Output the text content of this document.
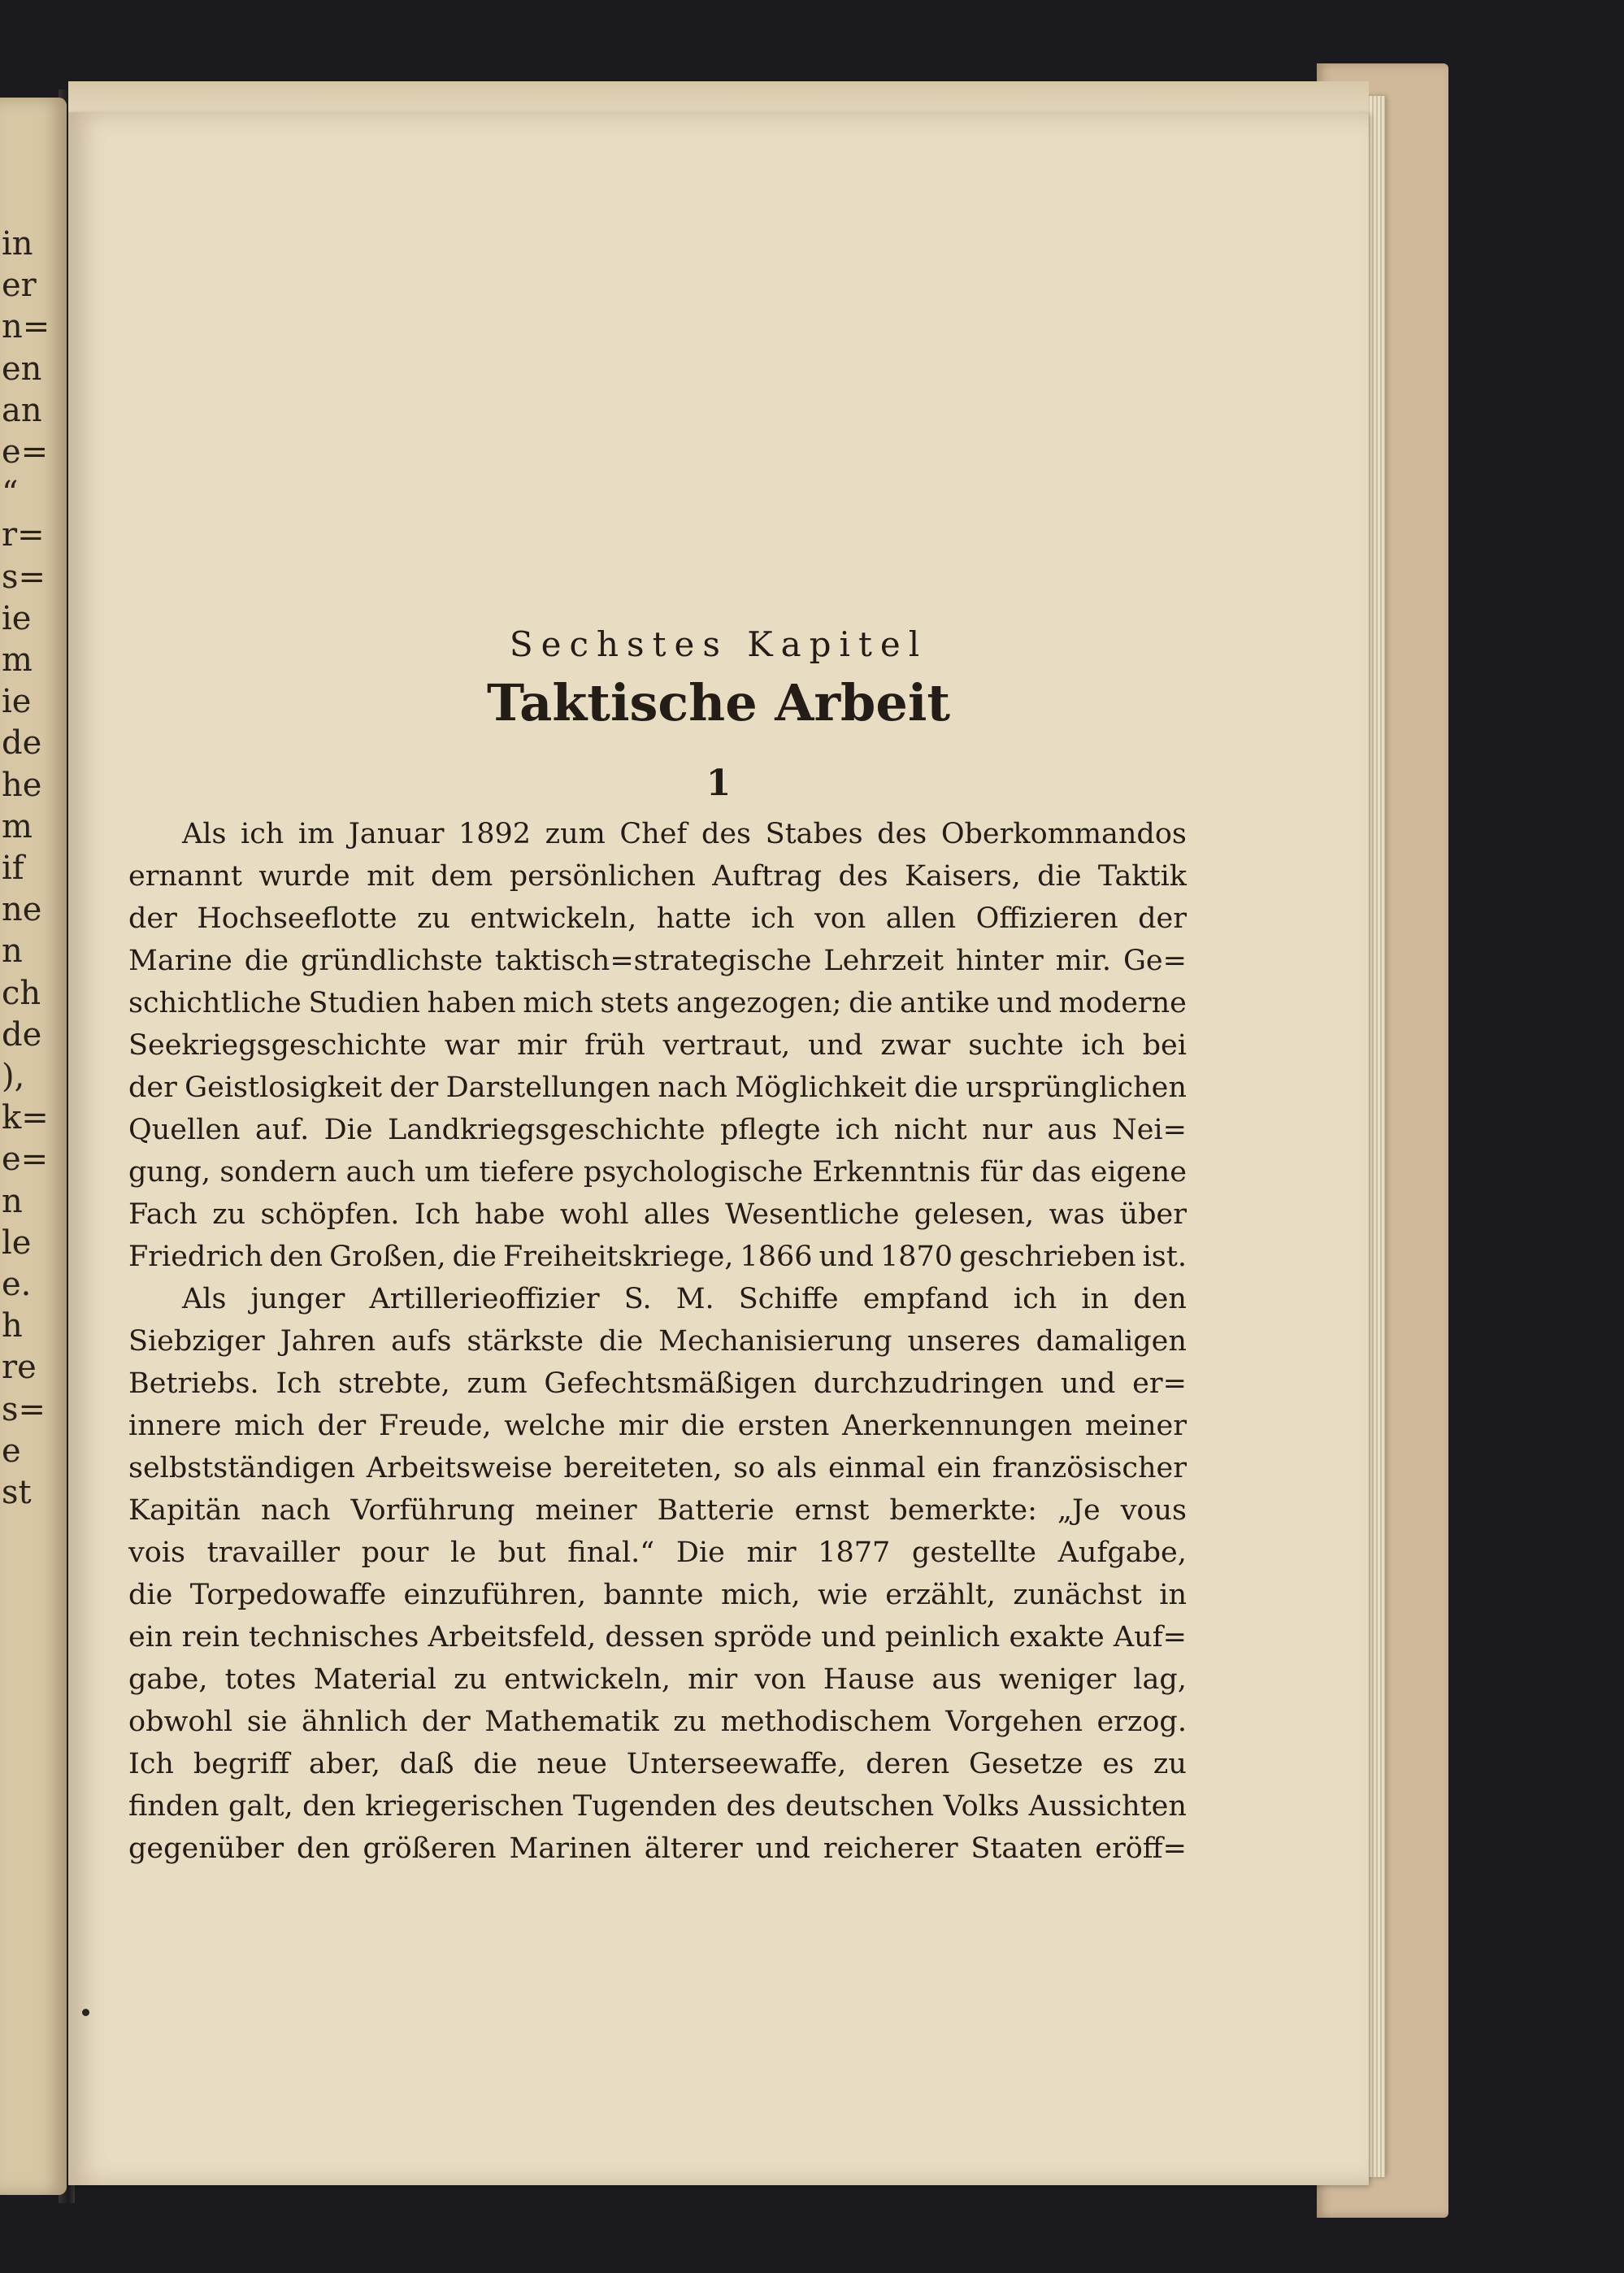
in
er
n=
en
an
e=
“
r=
s=
ie
m
ie
de
he
m
if
ne
n
ch
de
),
k=
e=
n
le
e.
h
re
s=
e
st
Sechstes Kapitel
Taktische Arbeit
1
Als ich im Januar 1892 zum Chef des Stabes des Oberkommandos
ernannt wurde mit dem persönlichen Auftrag des Kaisers, die Taktik
der Hochseeflotte zu entwickeln, hatte ich von allen Offizieren der
Marine die gründlichste taktisch=strategische Lehrzeit hinter mir. Ge=
schichtliche Studien haben mich stets angezogen; die antike und moderne
Seekriegsgeschichte war mir früh vertraut, und zwar suchte ich bei
der Geistlosigkeit der Darstellungen nach Möglichkeit die ursprünglichen
Quellen auf. Die Landkriegsgeschichte pflegte ich nicht nur aus Nei=
gung, sondern auch um tiefere psychologische Erkenntnis für das eigene
Fach zu schöpfen. Ich habe wohl alles Wesentliche gelesen, was über
Friedrich den Großen, die Freiheitskriege, 1866 und 1870 geschrieben ist.
Als junger Artillerieoffizier S. M. Schiffe empfand ich in den
Siebziger Jahren aufs stärkste die Mechanisierung unseres damaligen
Betriebs. Ich strebte, zum Gefechtsmäßigen durchzudringen und er=
innere mich der Freude, welche mir die ersten Anerkennungen meiner
selbstständigen Arbeitsweise bereiteten, so als einmal ein französischer
Kapitän nach Vorführung meiner Batterie ernst bemerkte: „Je vous
vois travailler pour le but final.“ Die mir 1877 gestellte Aufgabe,
die Torpedowaffe einzuführen, bannte mich, wie erzählt, zunächst in
ein rein technisches Arbeitsfeld, dessen spröde und peinlich exakte Auf=
gabe, totes Material zu entwickeln, mir von Hause aus weniger lag,
obwohl sie ähnlich der Mathematik zu methodischem Vorgehen erzog.
Ich begriff aber, daß die neue Unterseewaffe, deren Gesetze es zu
finden galt, den kriegerischen Tugenden des deutschen Volks Aussichten
gegenüber den größeren Marinen älterer und reicherer Staaten eröff=
